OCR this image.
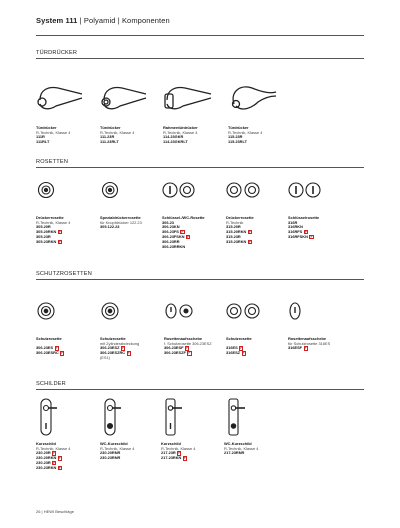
System 111 | Polyamid | Komponenten
TÜRDRÜCKER
Türdrücker
R-Technik, Klasse 4
111R
111RLT
Türdrücker
R-Technik, Klasse 4
111.23R
111.23RLT
Rahmentürdrücker
R-Technik, Klasse 4
114.23GKR
114.23GKRLT
Türdrücker
R-Technik, Klasse 4
115.23R
115.23RLT
ROSETTEN
Drückerrosette
R-Technik, Klasse 4
305.20R
305.20RKN F
305.23R
305.23RKN F
Spezialdrückerrosette
für Knopfdrücker 122.23
305.122.23
Schlüssel-/WC-Rosette
306.23
306.23KN
306.23FS F
306.23FSKN F
306.23RR
306.23RRKN
Drückerrosette
R-Technik
315.20R
315.20RKN F
315.23R
315.23RKN F
Schlüsselrosette
316R
316RKN
316RFS F
316RFSKN F
SCHUTZROSETTEN
Schutzrosette

306.23ES F
306.23ESRC F
Schutzrosette
mit Zylinderabdeckung
306.23ESZ F
306.23ESZRC F
(ES1)
Rosettenaufsschebe
f. Schutzrosette 306.23ESZ
306.23ESF F
306.23ESZF F
Schutzrosette

316ES F
316ESZ F
Rosettenaufsschebe
für Schutzrosette 316ES
316ESF F
SCHILDER
Kurzschild
R-Technik, Klasse 4
230.20R F
230.20RKN F
230.23R F
230.23RKN F
WC-Kurzschild
R-Technik, Klasse 4
230.20RNR
230.23RNR
Kurzschild
R-Technik, Klasse 4
217.23R F
217.23RKN F
WC-Kurzschild
R-Technik, Klasse 4
217.23RNR
26 | HEWI Beschläge
